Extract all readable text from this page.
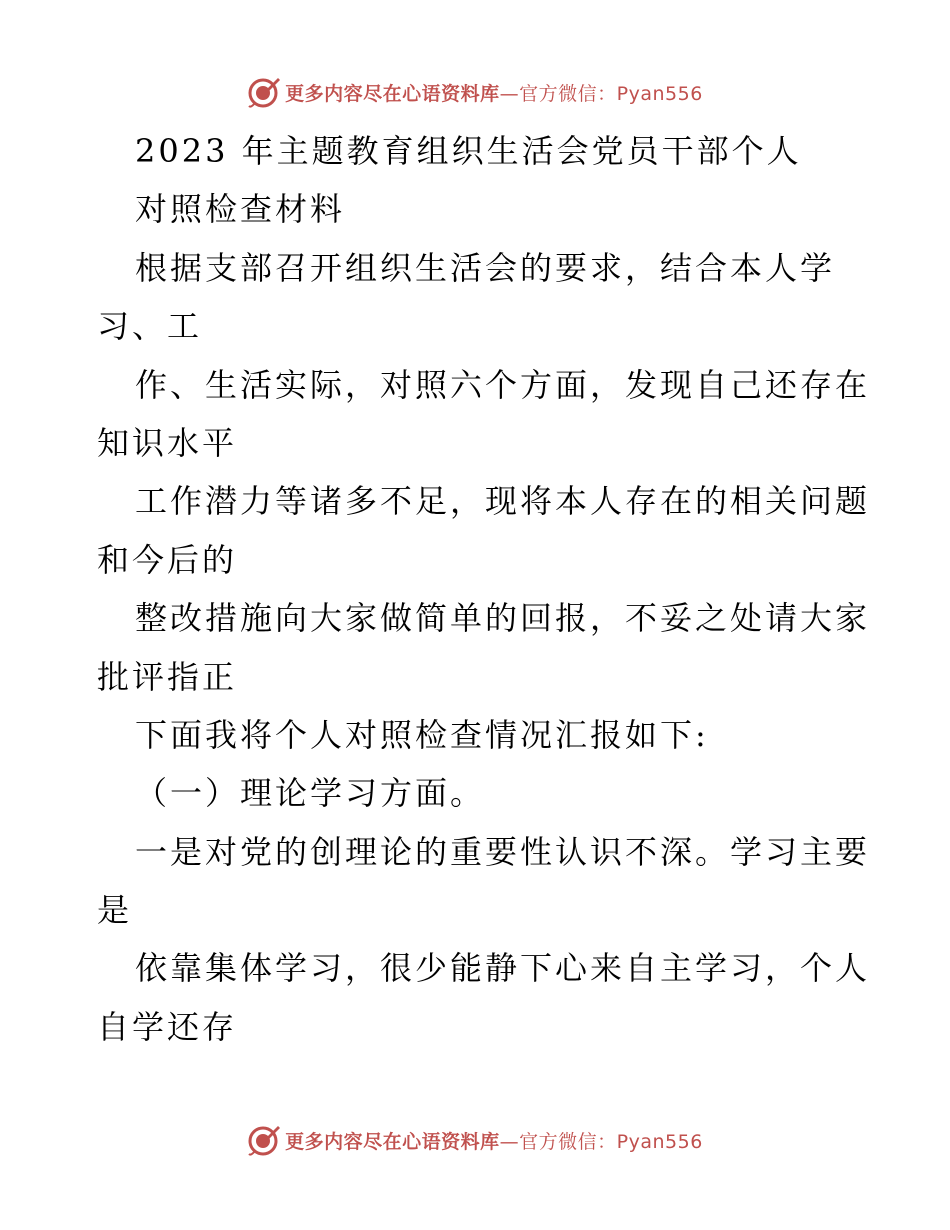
更多内容尽在心语资料库—官方微信：Pyan556
2023 年主题教育组织生活会党员干部个人
对照检查材料
根据支部召开组织生活会的要求，结合本人学
习、工
作、生活实际，对照六个方面，发现自己还存在
知识水平
工作潜力等诸多不足，现将本人存在的相关问题
和今后的
整改措施向大家做简单的回报，不妥之处请大家
批评指正
下面我将个人对照检查情况汇报如下:
（一）理论学习方面。
一是对党的创理论的重要性认识不深。学习主要
是
依靠集体学习，很少能静下心来自主学习，个人
自学还存
更多内容尽在心语资料库—官方微信：Pyan556
